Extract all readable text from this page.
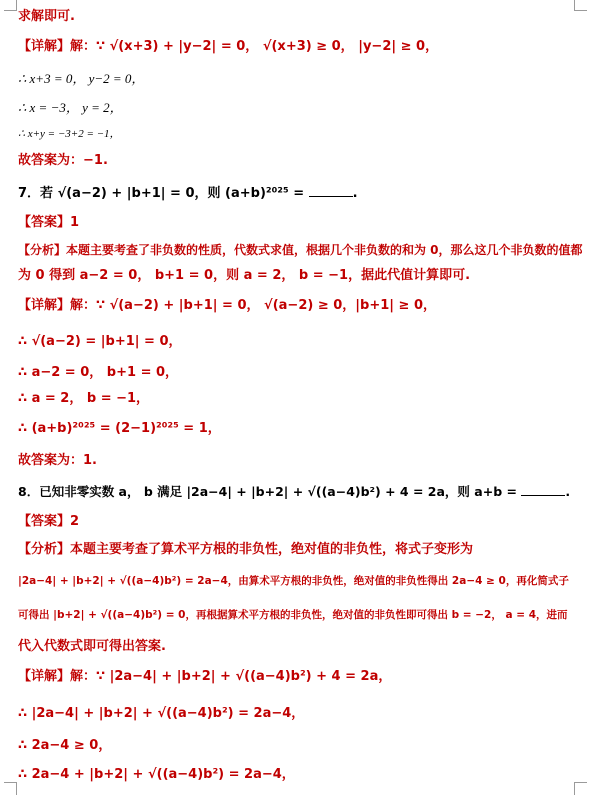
求解即可.
【详解】解：∵ √(x+3) + |y−2| = 0， √(x+3) ≥ 0， |y−2| ≥ 0，
∴ x+3 = 0， y−2 = 0，
∴ x = −3， y = 2，
∴ x+y = −3+2 = −1，
故答案为：−1.
7．若 √(a−2) + |b+1| = 0，则 (a+b)²⁰²⁵ =	.
【答案】1
【分析】本题主要考查了非负数的性质，代数式求值，根据几个非负数的和为 0，那么这几个非负数的值都
为 0 得到 a−2 = 0， b+1 = 0，则 a = 2， b = −1，据此代值计算即可.
【详解】解：∵ √(a−2) + |b+1| = 0， √(a−2) ≥ 0，|b+1| ≥ 0，
∴ √(a−2) = |b+1| = 0，
∴ a−2 = 0， b+1 = 0，
∴ a = 2， b = −1，
∴ (a+b)²⁰²⁵ = (2−1)²⁰²⁵ = 1，
故答案为：1.
8．已知非零实数 a， b 满足 |2a−4| + |b+2| + √((a−4)b²) + 4 = 2a，则 a+b =	.
【答案】2
【分析】本题主要考查了算术平方根的非负性，绝对值的非负性，将式子变形为
|2a−4| + |b+2| + √((a−4)b²) = 2a−4，由算术平方根的非负性，绝对值的非负性得出 2a−4 ≥ 0，再化简式子
可得出 |b+2| + √((a−4)b²) = 0，再根据算术平方根的非负性，绝对值的非负性即可得出 b = −2， a = 4，进而
代入代数式即可得出答案.
【详解】解：∵ |2a−4| + |b+2| + √((a−4)b²) + 4 = 2a，
∴ |2a−4| + |b+2| + √((a−4)b²) = 2a−4，
∴ 2a−4 ≥ 0，
∴ 2a−4 + |b+2| + √((a−4)b²) = 2a−4，
